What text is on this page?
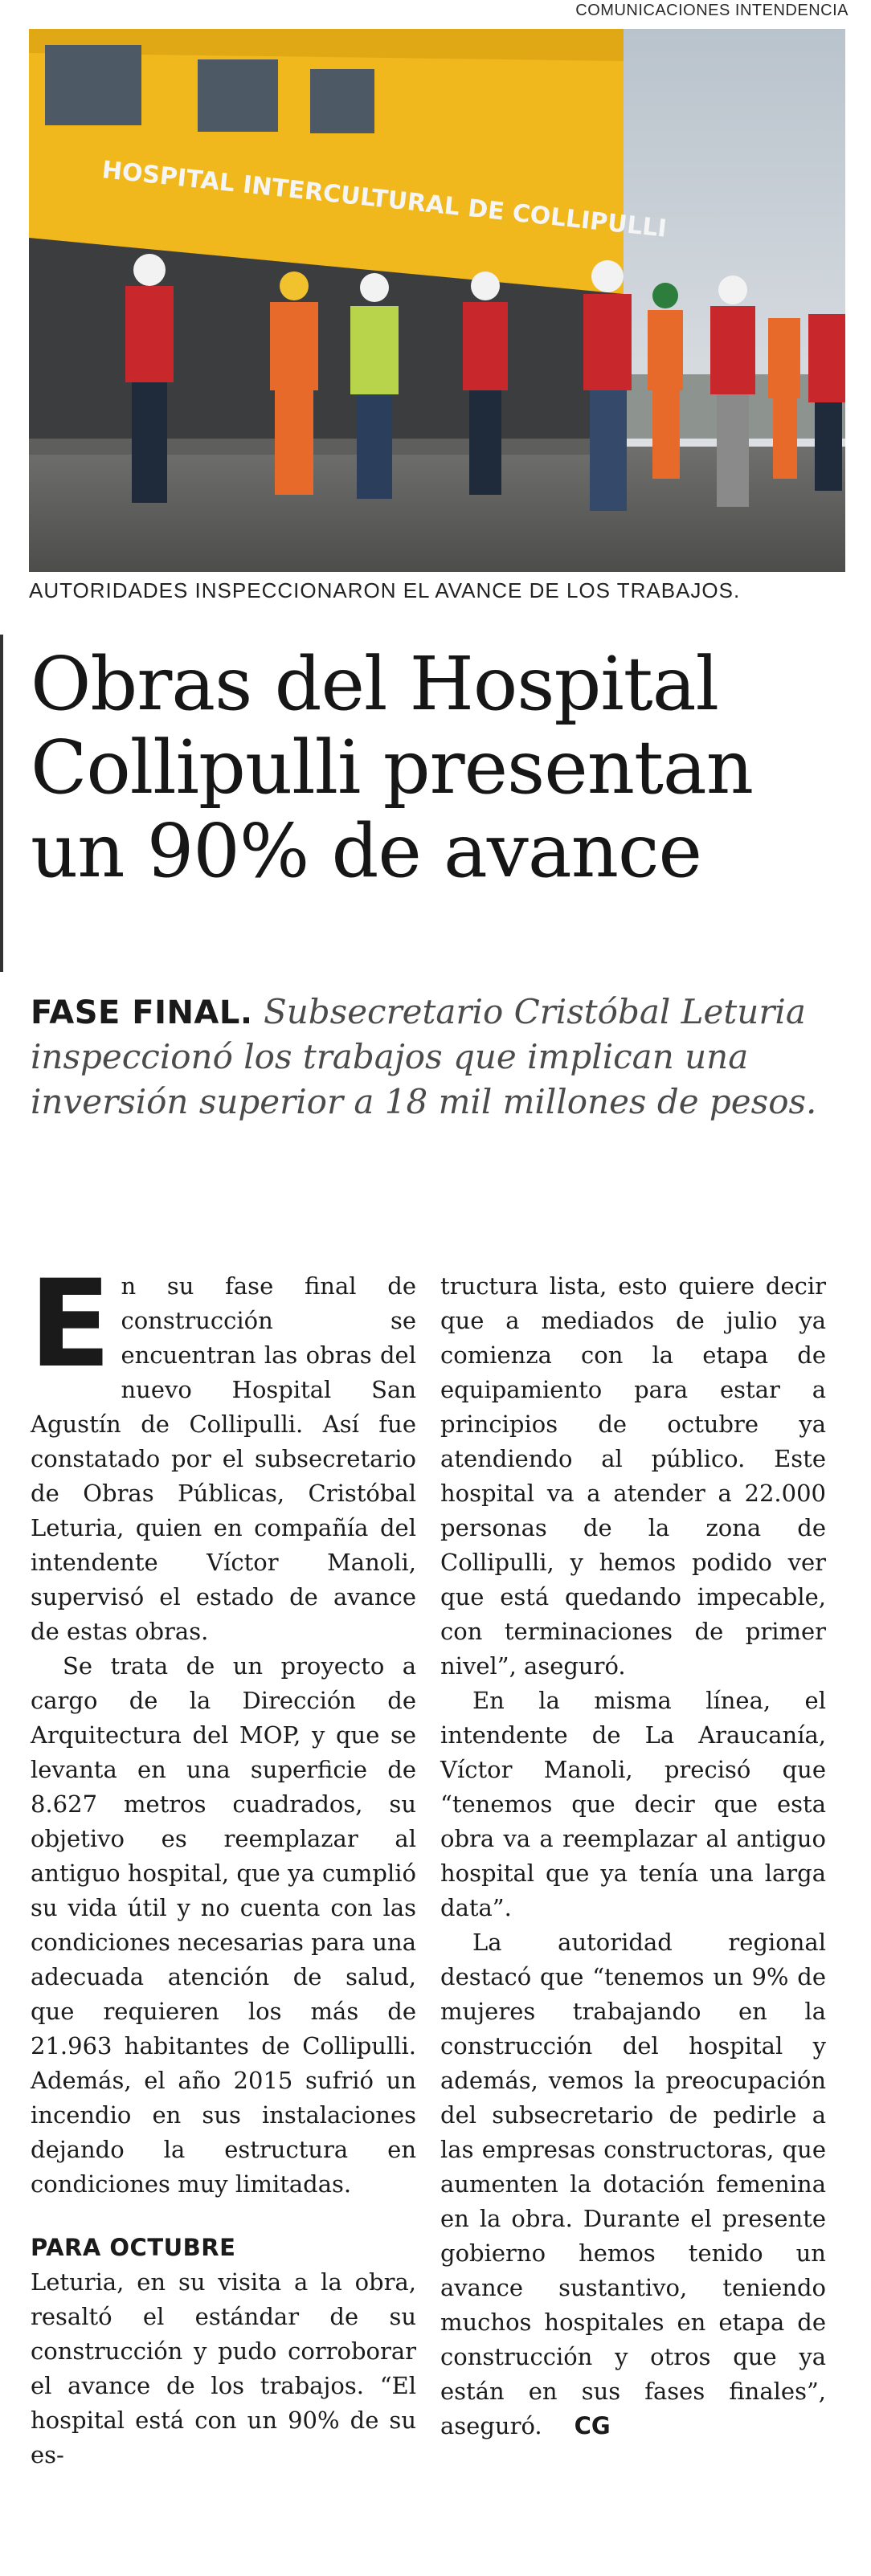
COMUNICACIONES INTENDENCIA
HOSPITAL INTERCULTURAL DE COLLIPULLI
AUTORIDADES INSPECCIONARON EL AVANCE DE LOS TRABAJOS.
Obras del Hospital Collipulli presentan un 90% de avance
FASE FINAL. Subsecretario Cristóbal Leturia inspeccionó los trabajos que implican una inversión superior a 18 mil millones de pesos.

En su fase final de construcción se encuentran las obras del nuevo Hospital San Agustín de Collipulli. Así fue constatado por el subsecretario de Obras Públicas, Cristóbal Leturia, quien en compañía del intendente Víctor Manoli, supervisó el estado de avance de estas obras.

Se trata de un proyecto a cargo de la Dirección de Arquitectura del MOP, y que se levanta en una superficie de 8.627 metros cuadrados, su objetivo es reemplazar al antiguo hospital, que ya cumplió su vida útil y no cuenta con las condiciones necesarias para una adecuada atención de salud, que requieren los más de 21.963 habitantes de Collipulli. Además, el año 2015 sufrió un incendio en sus instalaciones dejando la estructura en condiciones muy limitadas.

PARA OCTUBRE

Leturia, en su visita a la obra, resaltó el estándar de su construcción y pudo corroborar el avance de los trabajos. “El hospital está con un 90% de su es-

tructura lista, esto quiere decir que a mediados de julio ya comienza con la etapa de equipamiento para estar a principios de octubre ya atendiendo al público. Este hospital va a atender a 22.000 personas de la zona de Collipulli, y hemos podido ver que está quedando impecable, con terminaciones de primer nivel”, aseguró.

En la misma línea, el intendente de La Araucanía, Víctor Manoli, precisó que “tenemos que decir que esta obra va a reemplazar al antiguo hospital que ya tenía una larga data”.

La autoridad regional destacó que “tenemos un 9% de mujeres trabajando en la construcción del hospital y además, vemos la preocupación del subsecretario de pedirle a las empresas constructoras, que aumenten la dotación femenina en la obra. Durante el presente gobierno hemos tenido un avance sustantivo, teniendo muchos hospitales en etapa de construcción y otros que ya están en sus fases finales”, aseguró. CG
